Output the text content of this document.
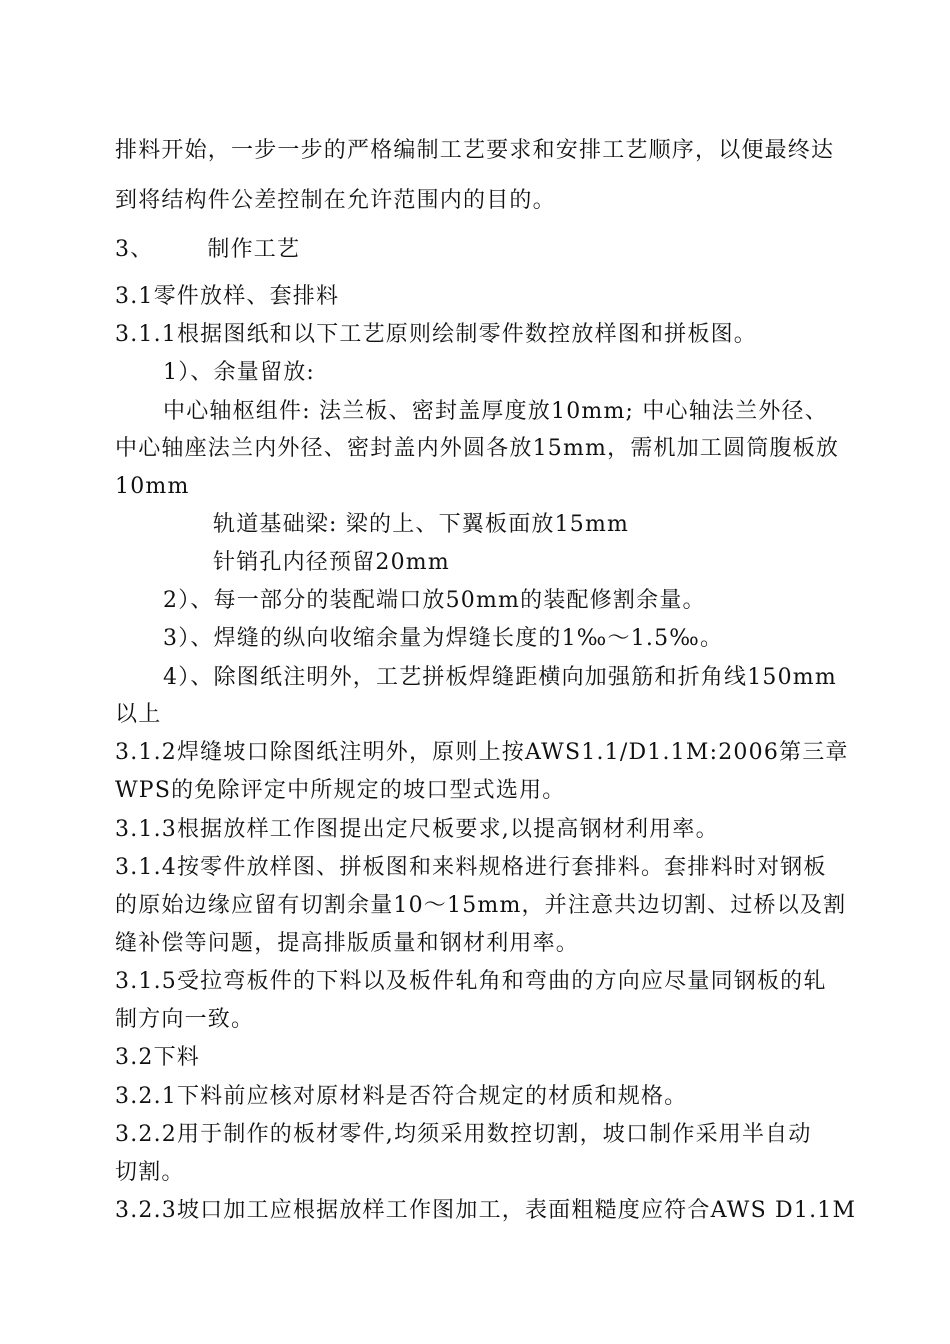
排料开始，一步一步的严格编制工艺要求和安排工艺顺序，以便最终达
到将结构件公差控制在允许范围内的目的。
3、 制作工艺
3.1零件放样、套排料
3.1.1根据图纸和以下工艺原则绘制零件数控放样图和拼板图。
1）、余量留放:
中心轴枢组件: 法兰板、密封盖厚度放10mm; 中心轴法兰外径、
中心轴座法兰内外径、密封盖内外圆各放15mm，需机加工圆筒腹板放
10mm
轨道基础梁: 梁的上、下翼板面放15mm
针销孔内径预留20mm
2）、每一部分的装配端口放50mm的装配修割余量。
3）、焊缝的纵向收缩余量为焊缝长度的1‰～1.5‰。
4）、除图纸注明外，工艺拼板焊缝距横向加强筋和折角线150mm
以上
3.1.2焊缝坡口除图纸注明外，原则上按AWS1.1/D1.1M:2006第三章
WPS的免除评定中所规定的坡口型式选用。
3.1.3根据放样工作图提出定尺板要求,以提高钢材利用率。
3.1.4按零件放样图、拼板图和来料规格进行套排料。套排料时对钢板
的原始边缘应留有切割余量10～15mm，并注意共边切割、过桥以及割
缝补偿等问题，提高排版质量和钢材利用率。
3.1.5受拉弯板件的下料以及板件轧角和弯曲的方向应尽量同钢板的轧
制方向一致。
3.2下料
3.2.1下料前应核对原材料是否符合规定的材质和规格。
3.2.2用于制作的板材零件,均须采用数控切割，坡口制作采用半自动
切割。
3.2.3坡口加工应根据放样工作图加工，表面粗糙度应符合AWS D1.1M
